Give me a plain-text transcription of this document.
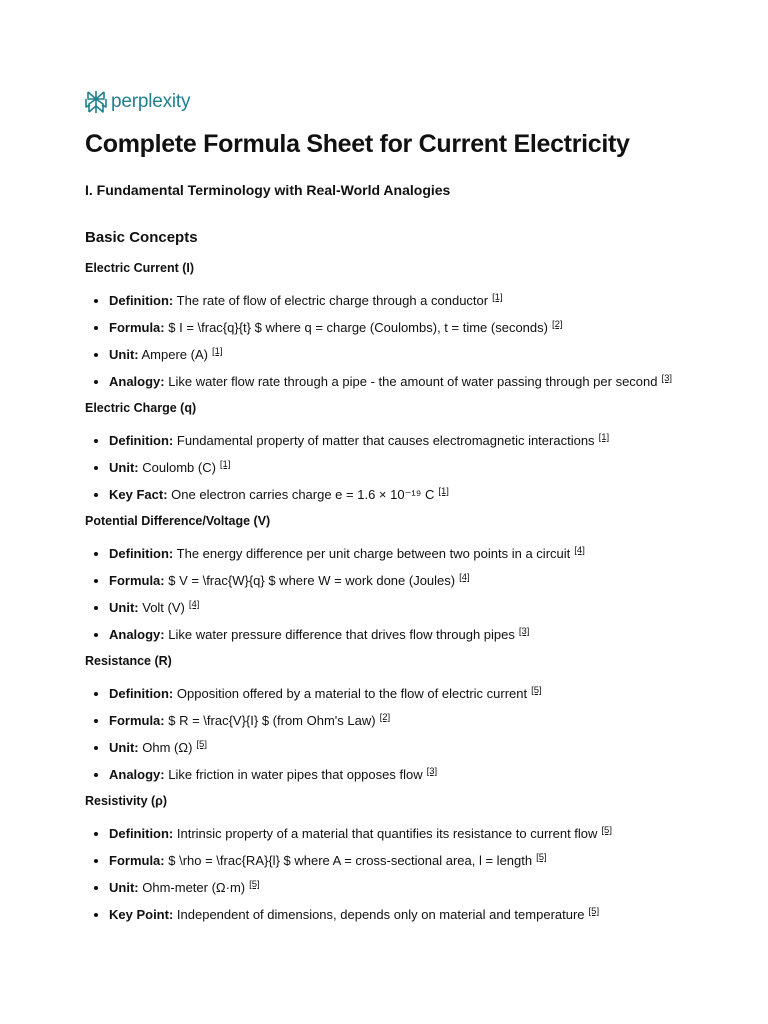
perplexity
Complete Formula Sheet for Current Electricity
I. Fundamental Terminology with Real-World Analogies
Basic Concepts
Electric Current (I)
• Definition: The rate of flow of electric charge through a conductor [1]
• Formula: $ I = \frac{q}{t} $ where q = charge (Coulombs), t = time (seconds) [2]
• Unit: Ampere (A) [1]
• Analogy: Like water flow rate through a pipe - the amount of water passing through per second [3]
Electric Charge (q)
• Definition: Fundamental property of matter that causes electromagnetic interactions [1]
• Unit: Coulomb (C) [1]
• Key Fact: One electron carries charge e = 1.6 × 10⁻¹⁹ C [1]
Potential Difference/Voltage (V)
• Definition: The energy difference per unit charge between two points in a circuit [4]
• Formula: $ V = \frac{W}{q} $ where W = work done (Joules) [4]
• Unit: Volt (V) [4]
• Analogy: Like water pressure difference that drives flow through pipes [3]
Resistance (R)
• Definition: Opposition offered by a material to the flow of electric current [5]
• Formula: $ R = \frac{V}{I} $ (from Ohm's Law) [2]
• Unit: Ohm (Ω) [5]
• Analogy: Like friction in water pipes that opposes flow [3]
Resistivity (ρ)
• Definition: Intrinsic property of a material that quantifies its resistance to current flow [5]
• Formula: $ \rho = \frac{RA}{l} $ where A = cross-sectional area, l = length [5]
• Unit: Ohm-meter (Ω·m) [5]
• Key Point: Independent of dimensions, depends only on material and temperature [5]
